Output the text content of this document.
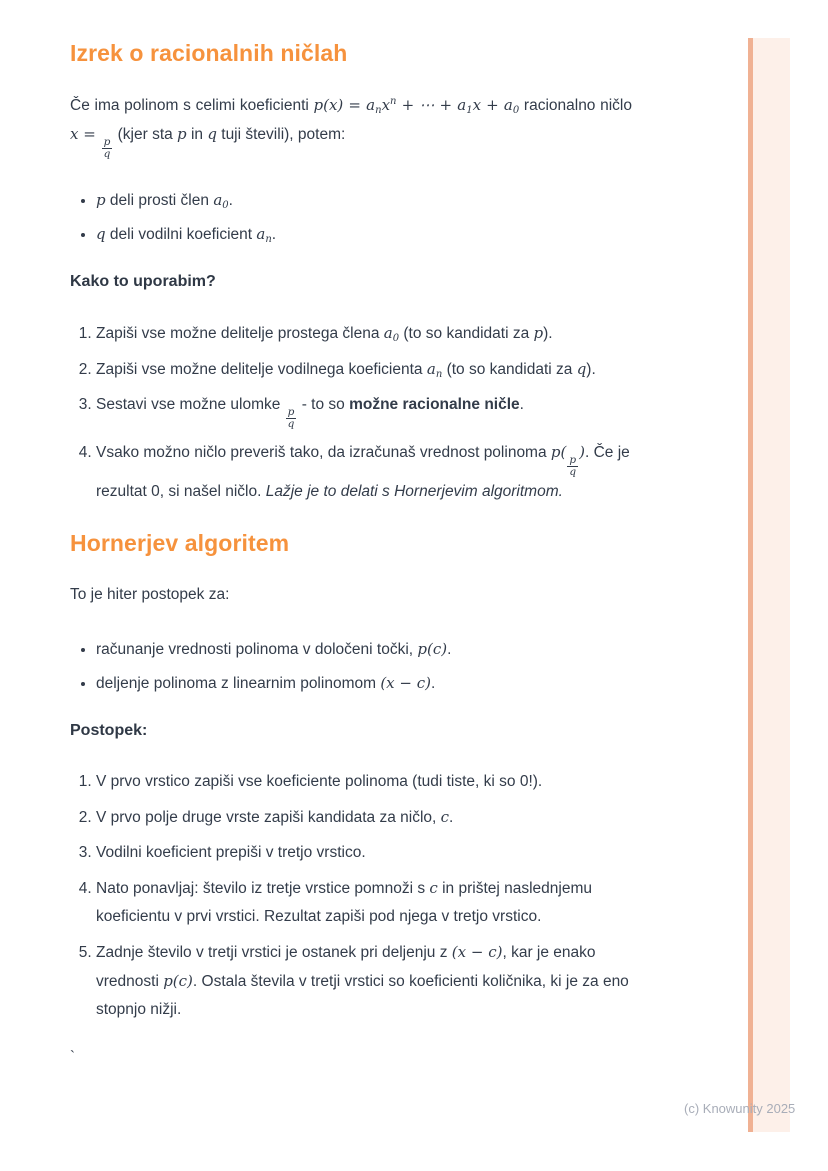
Izrek o racionalnih ničlah

Če ima polinom s celimi koeficienti $p(x) = a_nx^n$ + ⋯ + $a_1x + a_0$ racionalno ničlo
x =
$\frac{p}{q}$
(kjer sta p in q tuji števili), potem:

• p deli prosti člen $a_0$.
• q deli vodilni koeficient $a_n$.
Kako to uporabim?
1. Zapiši vse možne delitelje prostega člena $a_0$ (to so kandidati za p).
2. Zapiši vse možne delitelje vodilnega koeficienta $a_n$ (to so kandidati za q).
3. Sestavi vse možne ulomke
$\frac{p}{q}$
- to so možne racionalne ničle.
4. Vsako možno ničlo preveriš tako, da izračunaš vrednost polinoma p(
$\frac{p}{q}$
). Če je rezultat 0, si našel ničlo. Lažje je to delati s Hornerjevim algoritmom.
Hornerjev algoritem

To je hiter postopek za:

• računanje vrednosti polinoma v določeni točki, p(c).
• deljenje polinoma z linearnim polinomom (x − c).
Postopek:
1. V prvo vrstico zapiši vse koeficiente polinoma (tudi tiste, ki so 0!).
2. V prvo polje druge vrste zapiši kandidata za ničlo, c.
3. Vodilni koeficient prepiši v tretjo vrstico.
4. Nato ponavljaj: število iz tretje vrstice pomnoži s c in prištej naslednjemu koeficientu v prvi vrstici. Rezultat zapiši pod njega v tretjo vrstico.
5. Zadnje število v tretji vrstici je ostanek pri deljenju z (x − c), kar je enako vrednosti p(c). Ostala števila v tretji vrstici so koeficienti količnika, ki je za eno stopnjo nižji.
`
(c) Knowunity 2025
